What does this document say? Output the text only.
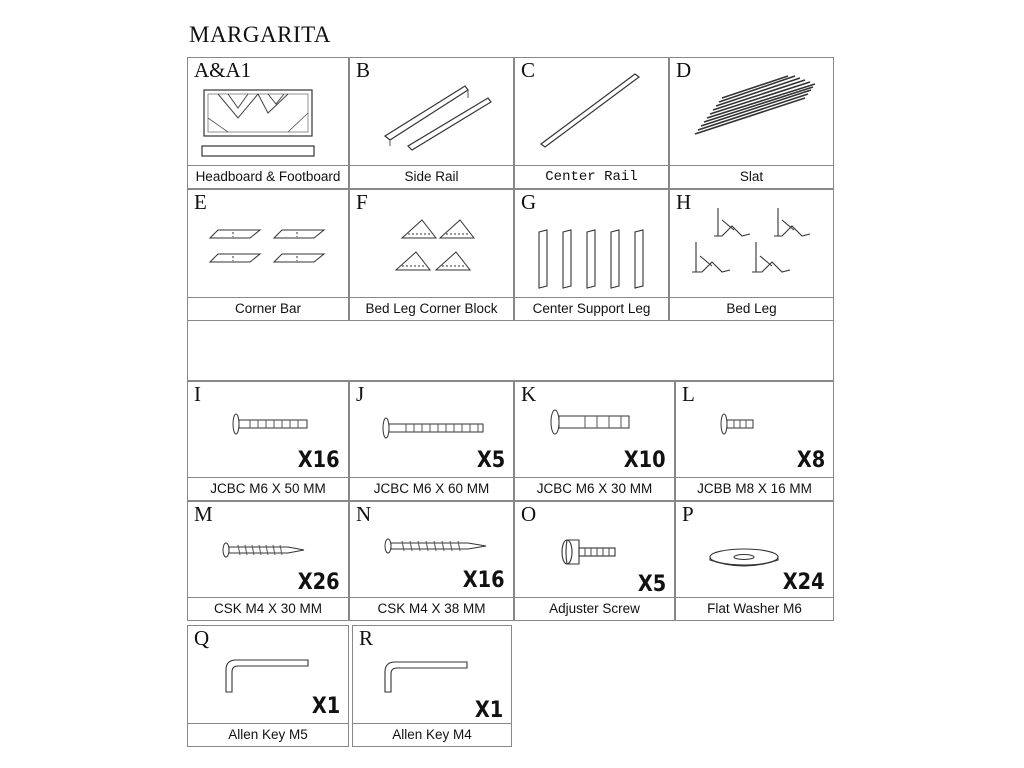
MARGARITA
A&A1
Headboard & Footboard
B
Side Rail
C
Center Rail
D
Slat
E
Corner Bar
F
Bed Leg Corner Block
G
Center Support Leg
H
Bed Leg
I
X16
JCBC M6 X 50 MM
J
X5
JCBC M6 X 60 MM
K
X10
JCBC M6 X 30 MM
L
X8
JCBB M8 X 16 MM
M
X26
CSK M4 X 30 MM
N
X16
CSK M4 X 38 MM
O
X5
Adjuster Screw
P
X24
Flat Washer M6
Q
X1
Allen Key M5
R
X1
Allen Key M4
